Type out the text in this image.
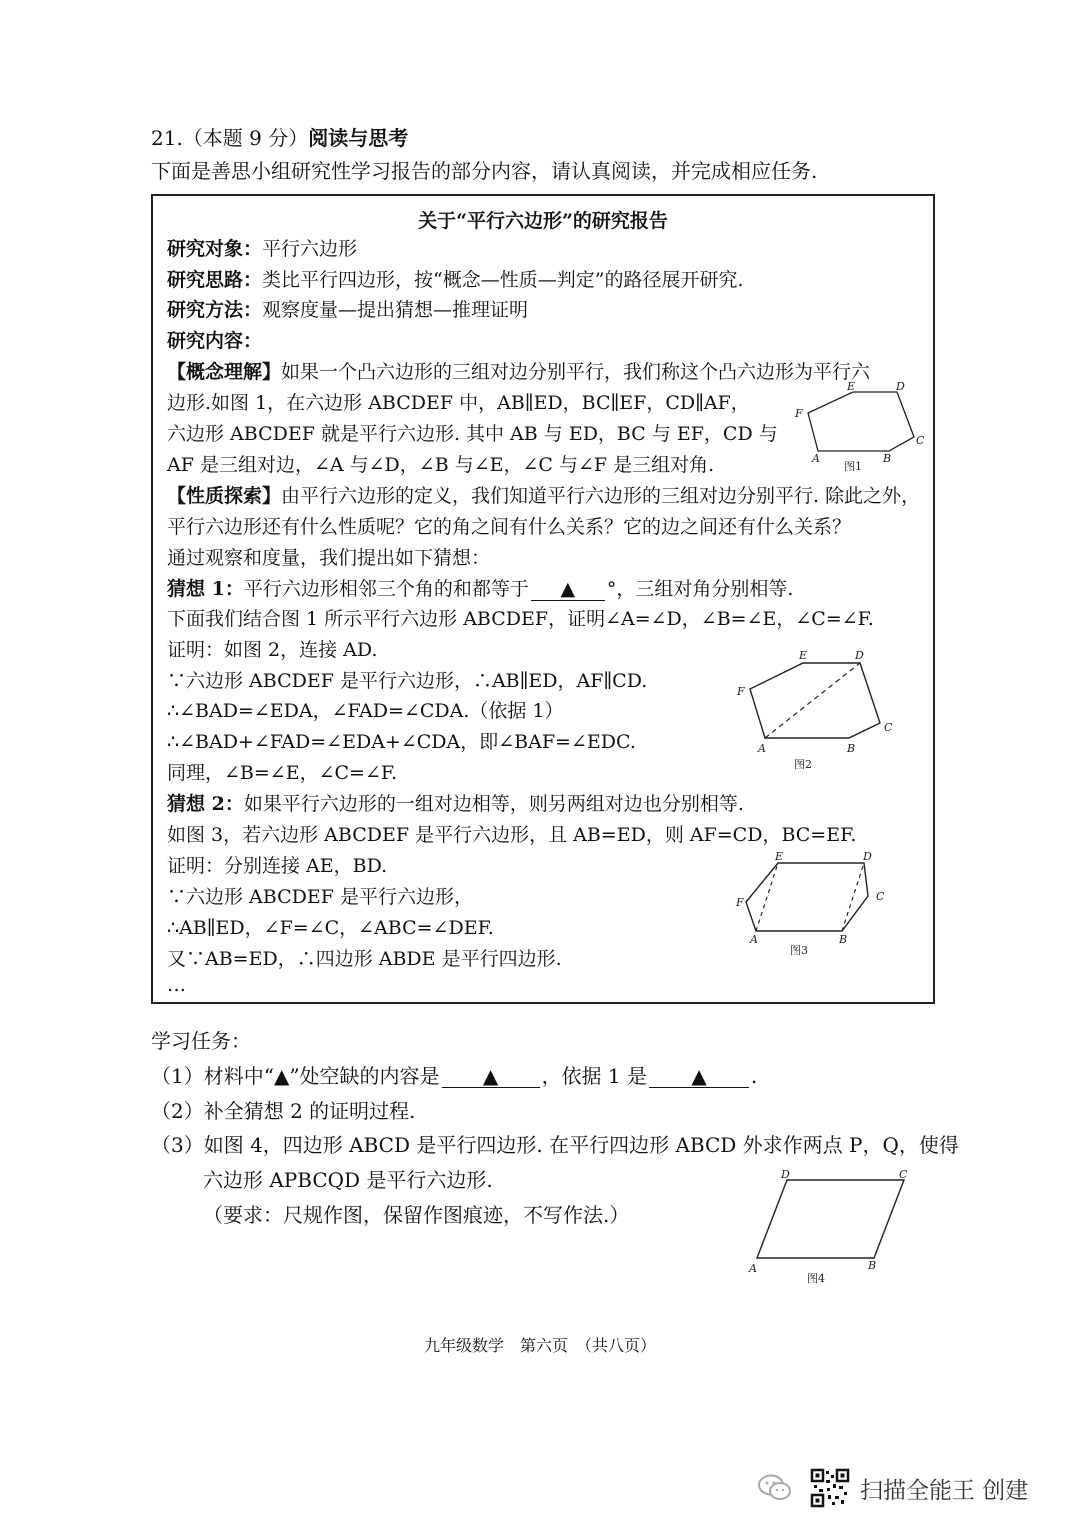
21.（本题 9 分）阅读与思考
下面是善思小组研究性学习报告的部分内容，请认真阅读，并完成相应任务.
关于“平行六边形”的研究报告
研究对象：平行六边形
研究思路：类比平行四边形，按“概念—性质—判定”的路径展开研究.
研究方法：观察度量—提出猜想—推理证明
研究内容：
【概念理解】如果一个凸六边形的三组对边分别平行，我们称这个凸六边形为平行六
边形.如图 1，在六边形 ABCDEF 中，AB∥ED，BC∥EF，CD∥AF，
六边形 ABCDEF 就是平行六边形. 其中 AB 与 ED，BC 与 EF，CD 与
AF 是三组对边，∠A 与∠D，∠B 与∠E，∠C 与∠F 是三组对角.
【性质探索】由平行六边形的定义，我们知道平行六边形的三组对边分别平行. 除此之外，
平行六边形还有什么性质呢？它的角之间有什么关系？它的边之间还有什么关系？
通过观察和度量，我们提出如下猜想：
猜想 1：平行六边形相邻三个角的和都等于 ▲ °，三组对角分别相等.
下面我们结合图 1 所示平行六边形 ABCDEF，证明∠A=∠D，∠B=∠E，∠C=∠F.
证明：如图 2，连接 AD.
∵六边形 ABCDEF 是平行六边形，∴AB∥ED，AF∥CD.
∴∠BAD=∠EDA，∠FAD=∠CDA.（依据 1）
∴∠BAD+∠FAD=∠EDA+∠CDA，即∠BAF=∠EDC.
同理，∠B=∠E，∠C=∠F.
猜想 2：如果平行六边形的一组对边相等，则另两组对边也分别相等.
如图 3，若六边形 ABCDEF 是平行六边形，且 AB=ED，则 AF=CD，BC=EF.
证明：分别连接 AE，BD.
∵六边形 ABCDEF 是平行六边形，
∴AB∥ED，∠F=∠C，∠ABC=∠DEF.
又∵AB=ED，∴四边形 ABDE 是平行四边形.
…
A	B
C
D
E
F
图1
A	B
C
D
E
F
图2
A	B
C
D
E
F
图3
学习任务：
（1）材料中“▲”处空缺的内容是 ▲ ，依据 1 是 ▲ .
（2）补全猜想 2 的证明过程.
（3）如图 4，四边形 ABCD 是平行四边形. 在平行四边形 ABCD 外求作两点 P，Q，使得
六边形 APBCQD 是平行六边形.
（要求：尺规作图，保留作图痕迹，不写作法.）
A	B
C
D
图4
九年级数学　第六页　（共八页）
扫描全能王 创建
